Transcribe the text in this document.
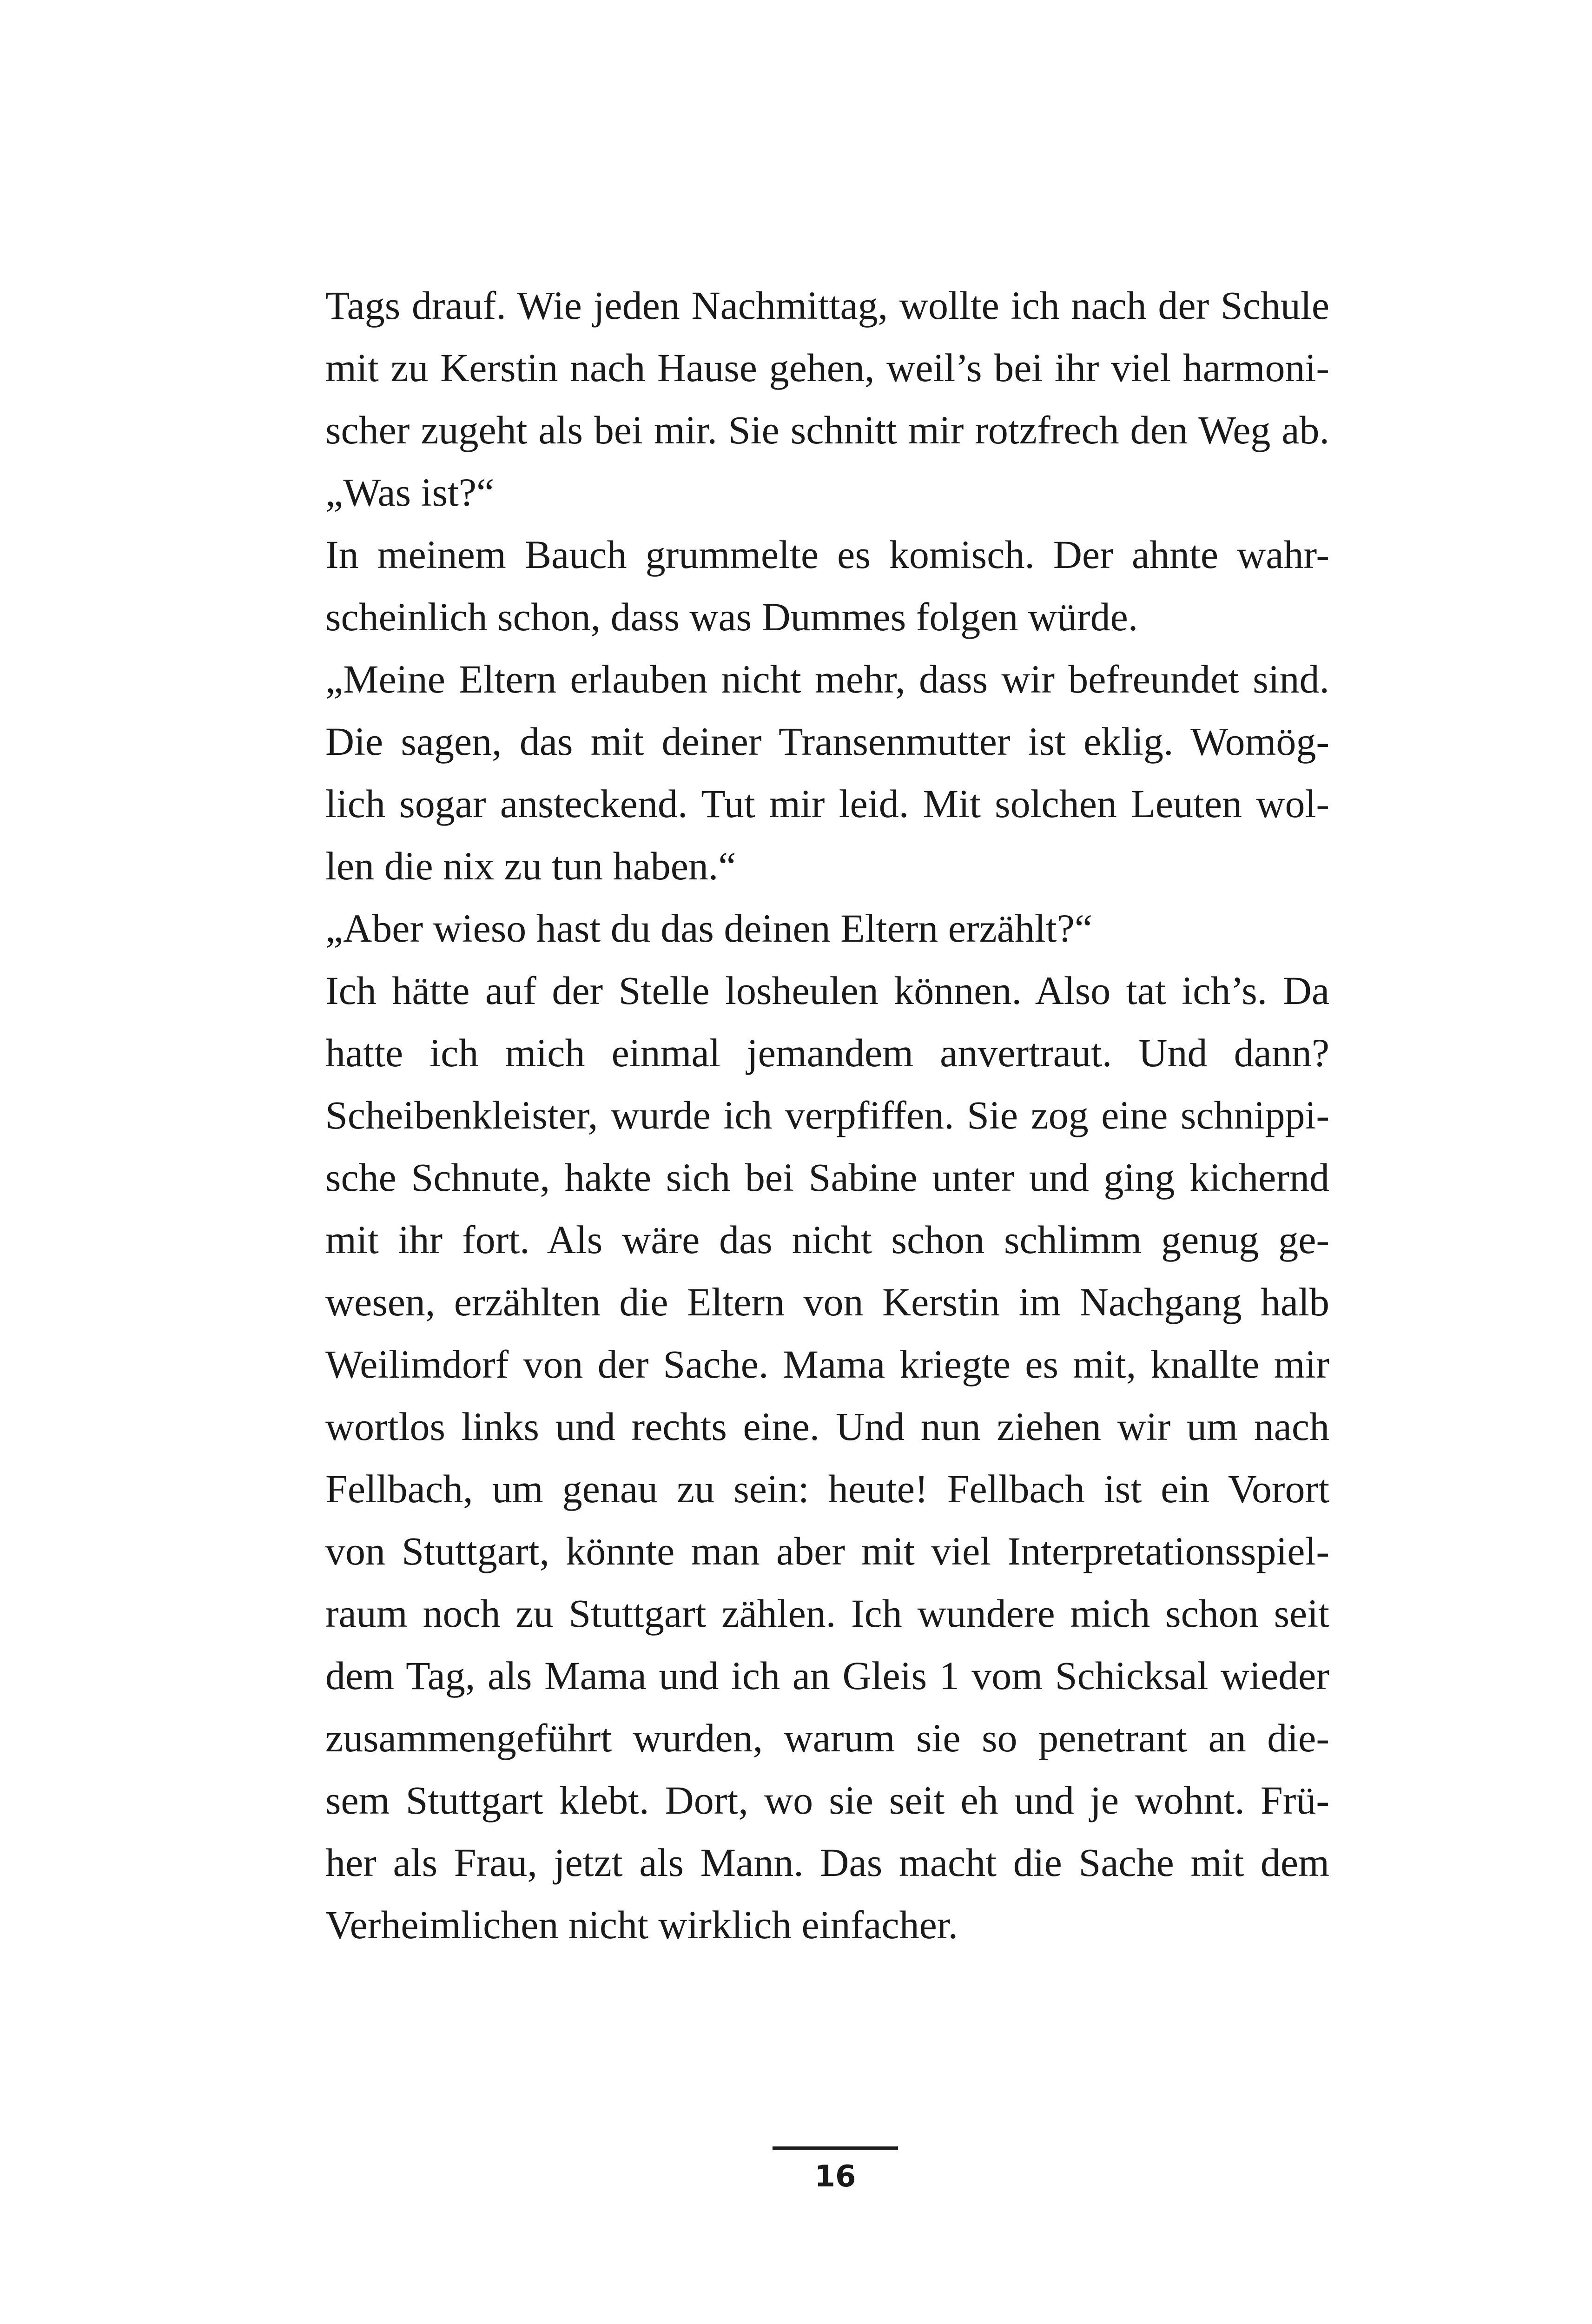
Tags drauf. Wie jeden Nachmittag, wollte ich nach der Schule
mit zu Kerstin nach Hause gehen, weil’s bei ihr viel harmoni-
scher zugeht als bei mir. Sie schnitt mir rotzfrech den Weg ab.
„Was ist?“
In meinem Bauch grummelte es komisch. Der ahnte wahr-
scheinlich schon, dass was Dummes folgen würde.
„Meine Eltern erlauben nicht mehr, dass wir befreundet sind.
Die sagen, das mit deiner Transenmutter ist eklig. Womög-
lich sogar ansteckend. Tut mir leid. Mit solchen Leuten wol-
len die nix zu tun haben.“
„Aber wieso hast du das deinen Eltern erzählt?“
Ich hätte auf der Stelle losheulen können. Also tat ich’s. Da
hatte ich mich einmal jemandem anvertraut. Und dann?
Scheibenkleister, wurde ich verpfiffen. Sie zog eine schnippi-
sche Schnute, hakte sich bei Sabine unter und ging kichernd
mit ihr fort. Als wäre das nicht schon schlimm genug ge-
wesen, erzählten die Eltern von Kerstin im Nachgang halb
Weilimdorf von der Sache. Mama kriegte es mit, knallte mir
wortlos links und rechts eine. Und nun ziehen wir um nach
Fellbach, um genau zu sein: heute! Fellbach ist ein Vorort
von Stuttgart, könnte man aber mit viel Interpretationsspiel-
raum noch zu Stuttgart zählen. Ich wundere mich schon seit
dem Tag, als Mama und ich an Gleis 1 vom Schicksal wieder
zusammengeführt wurden, warum sie so penetrant an die-
sem Stuttgart klebt. Dort, wo sie seit eh und je wohnt. Frü-
her als Frau, jetzt als Mann. Das macht die Sache mit dem
Verheimlichen nicht wirklich einfacher.
16
